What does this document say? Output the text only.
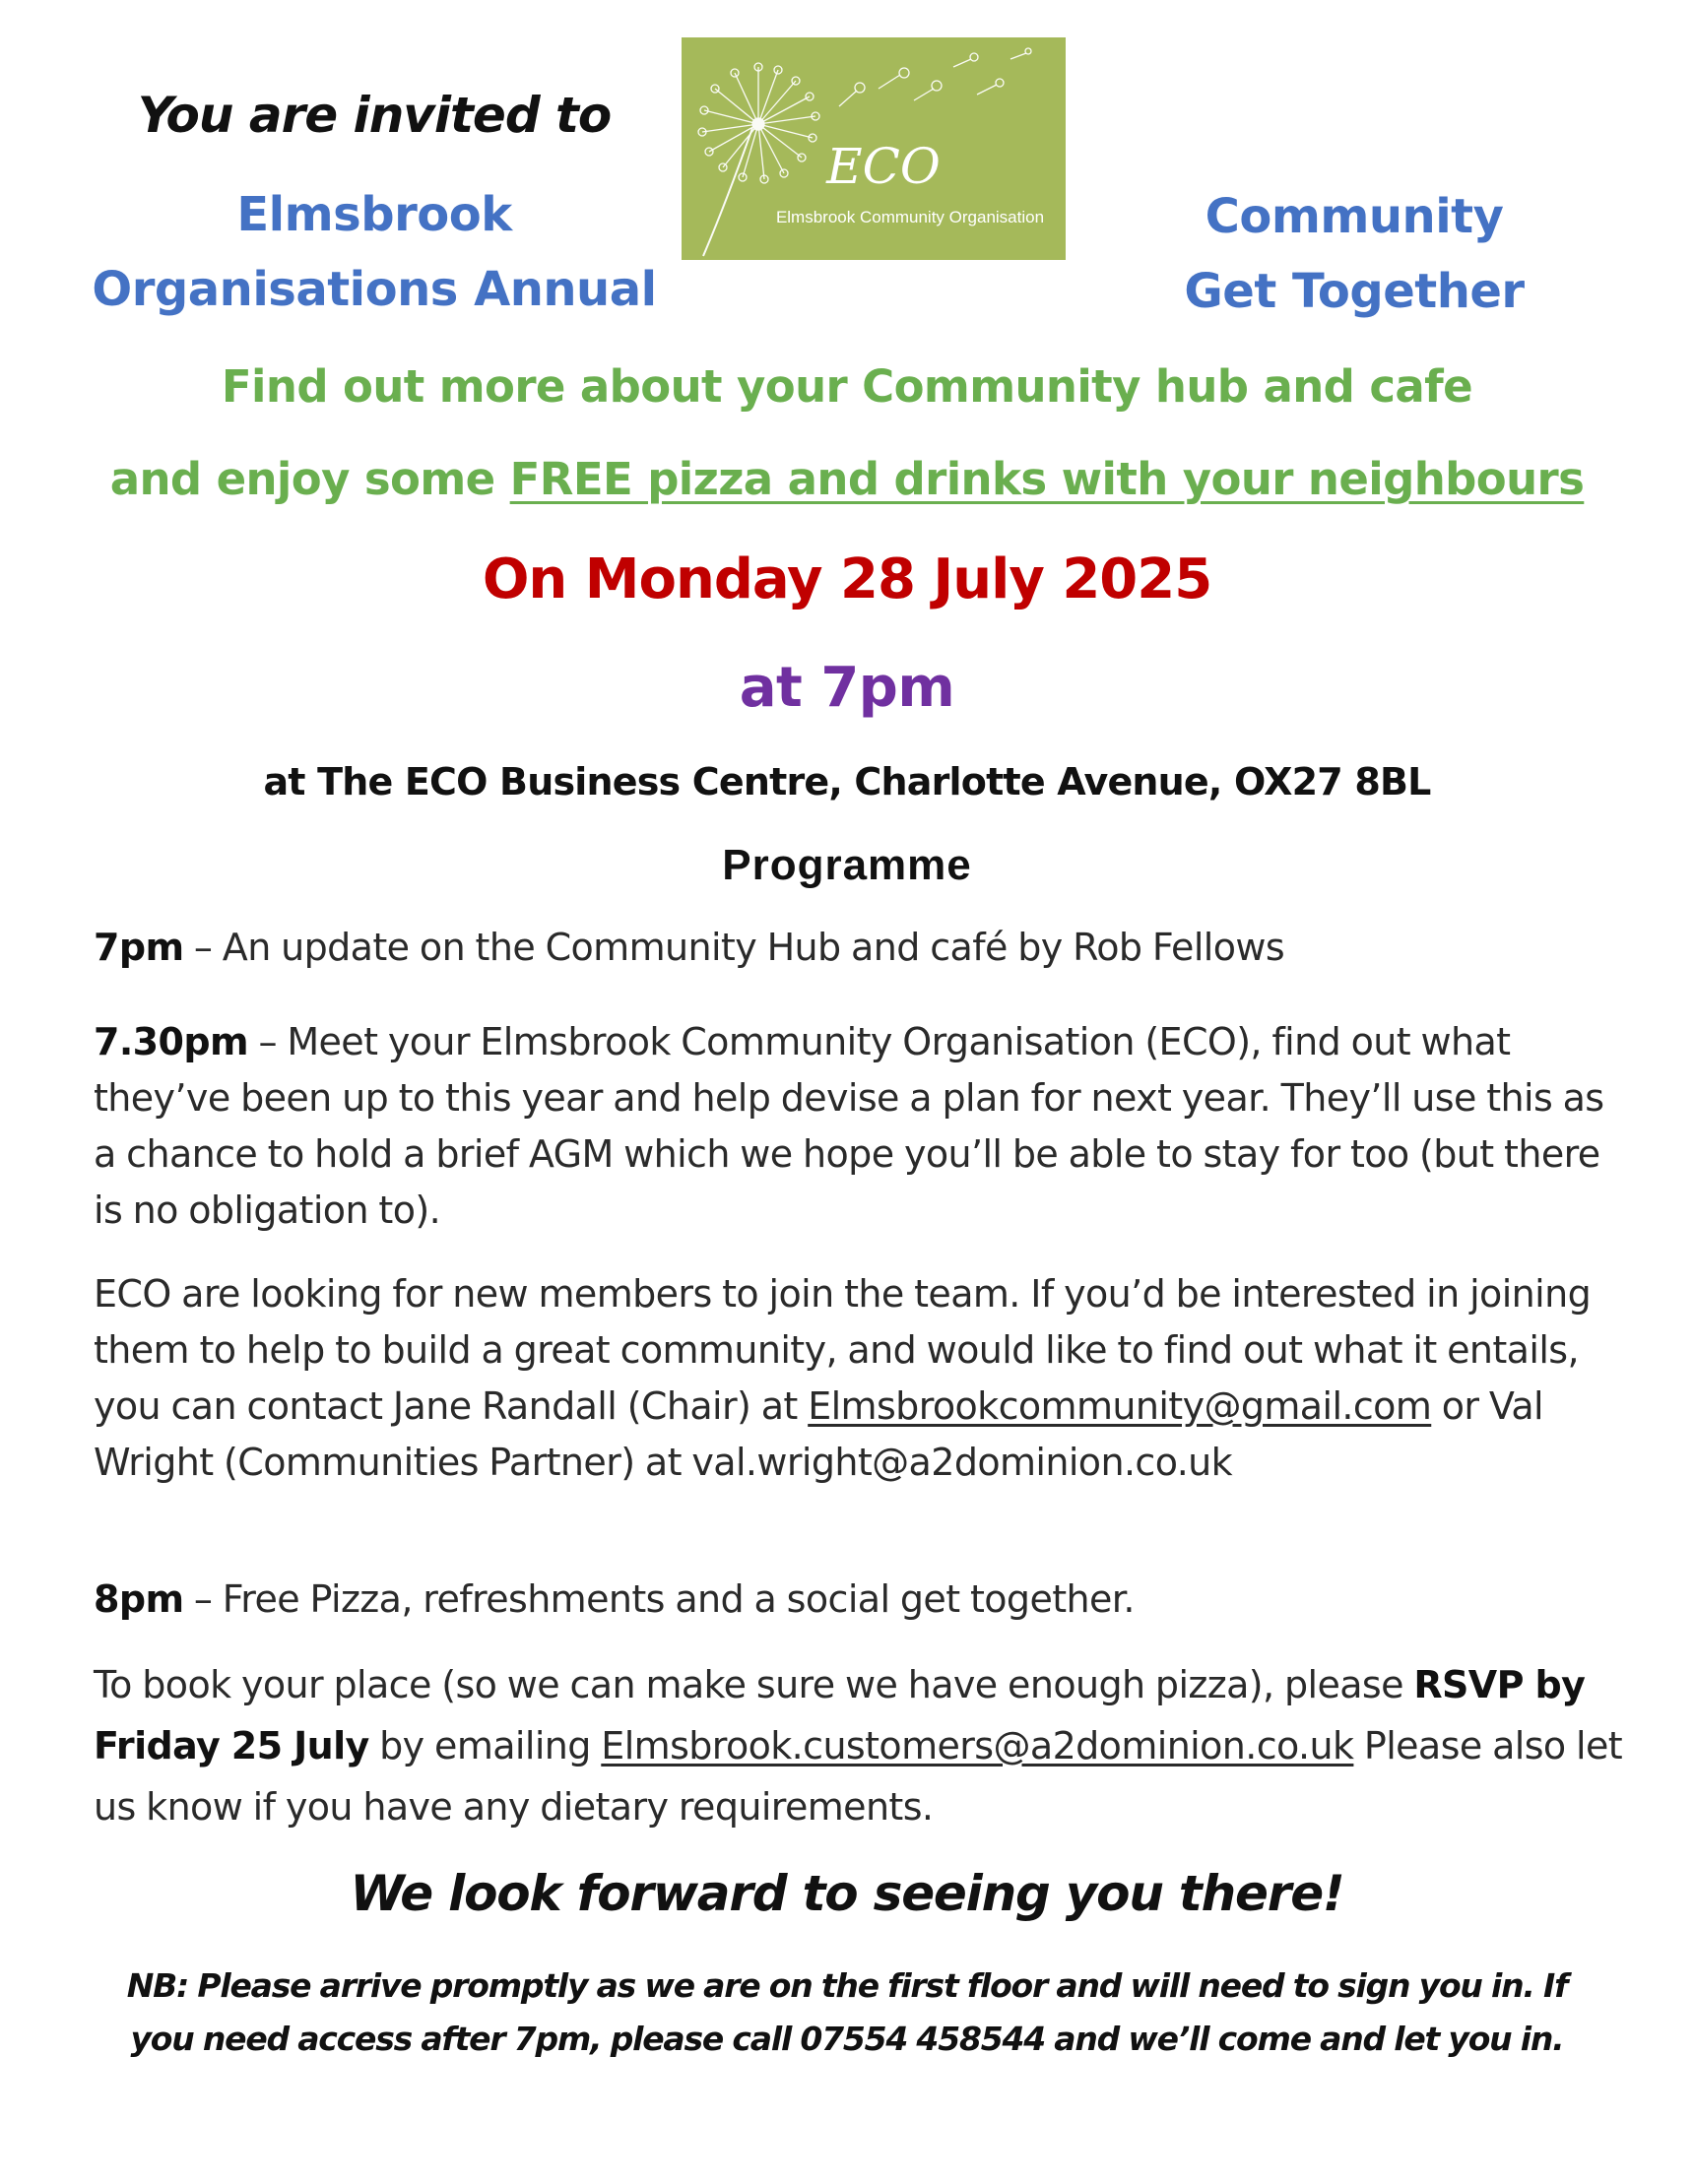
You are invited to
Elmsbrook
Organisations Annual
ECO
Elmsbrook Community Organisation	Community
Get Together
Find out more about your Community hub and cafe
and enjoy some FREE pizza and drinks with your neighbours
On Monday 28 July 2025
at 7pm
at The ECO Business Centre, Charlotte Avenue, OX27 8BL
Programme
7pm – An update on the Community Hub and café by Rob Fellows
7.30pm – Meet your Elmsbrook Community Organisation (ECO), find out what they’ve been up to this year and help devise a plan for next year. They’ll use this as a chance to hold a brief AGM which we hope you’ll be able to stay for too (but there is no obligation to).
ECO are looking for new members to join the team. If you’d be interested in joining them to help to build a great community, and would like to find out what it entails, you can contact Jane Randall (Chair) at Elmsbrookcommunity@gmail.com or Val Wright (Communities Partner) at val.wright@a2dominion.co.uk
8pm – Free Pizza, refreshments and a social get together.
To book your place (so we can make sure we have enough pizza), please RSVP by Friday 25 July by emailing Elmsbrook.customers@a2dominion.co.uk Please also let us know if you have any dietary requirements.
We look forward to seeing you there!
NB: Please arrive promptly as we are on the first floor and will need to sign you in. If you need access after 7pm, please call 07554 458544 and we’ll come and let you in.
